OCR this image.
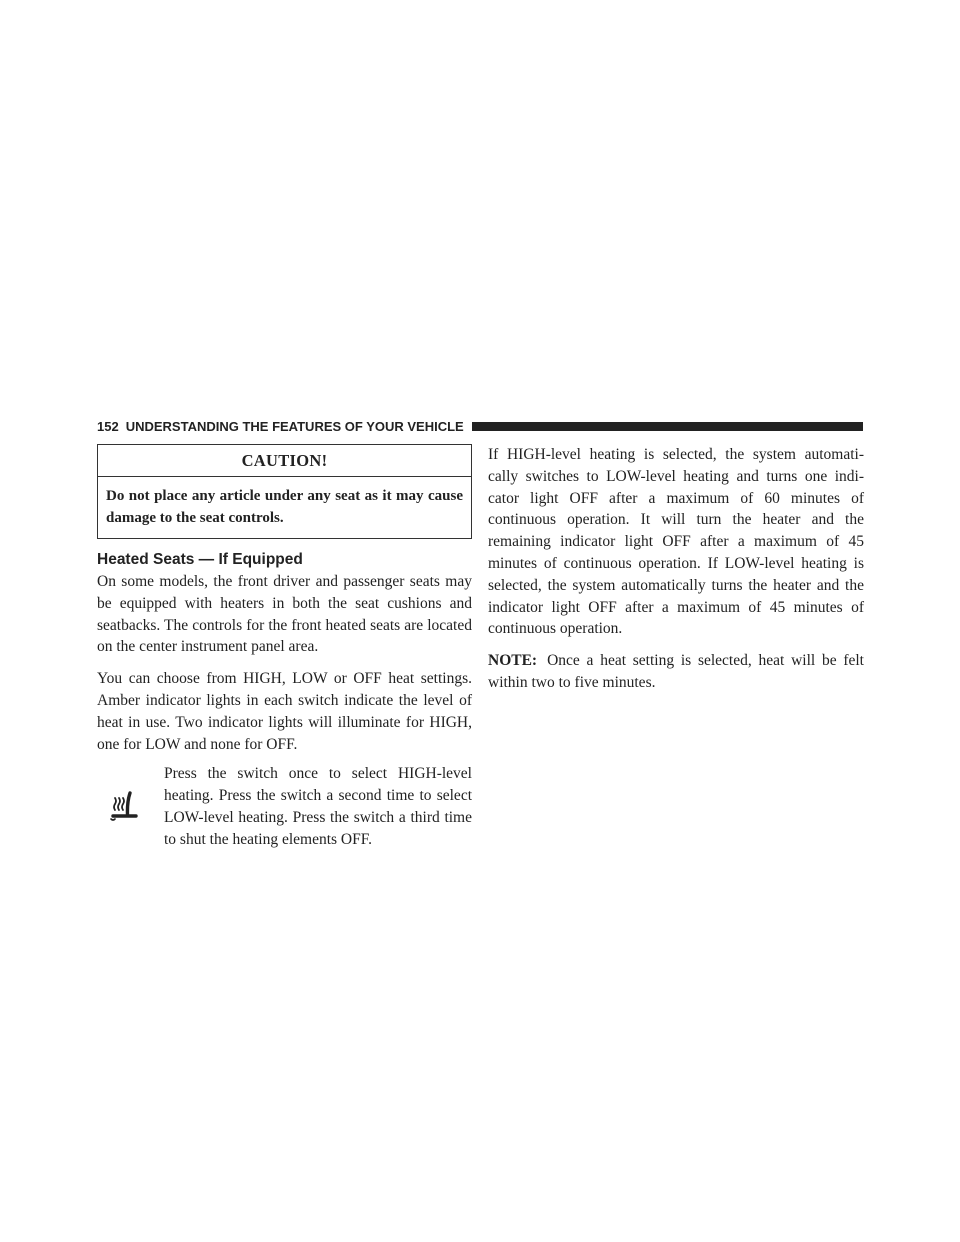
152 UNDERSTANDING THE FEATURES OF YOUR VEHICLE
CAUTION!
Do not place any article under any seat as it may cause damage to the seat controls.
Heated Seats — If Equipped

On some models, the front driver and passenger seats may be equipped with heaters in both the seat cushions and seatbacks. The controls for the front heated seats are located on the center instrument panel area.

You can choose from HIGH, LOW or OFF heat settings. Amber indicator lights in each switch indicate the level of heat in use. Two indicator lights will illuminate for HIGH, one for LOW and none for OFF.

Press the switch once to select HIGH-level heating. Press the switch a second time to select LOW-level heating. Press the switch a third time to shut the heating elements OFF.

If HIGH-level heating is selected, the system automati- cally switches to LOW-level heating and turns one indi- cator light OFF after a maximum of 60 minutes of continuous operation. It will turn the heater and the remaining indicator light OFF after a maximum of 45 minutes of continuous operation. If LOW-level heating is selected, the system automatically turns the heater and the indicator light OFF after a maximum of 45 minutes of continuous operation.

NOTE: Once a heat setting is selected, heat will be felt within two to five minutes.
